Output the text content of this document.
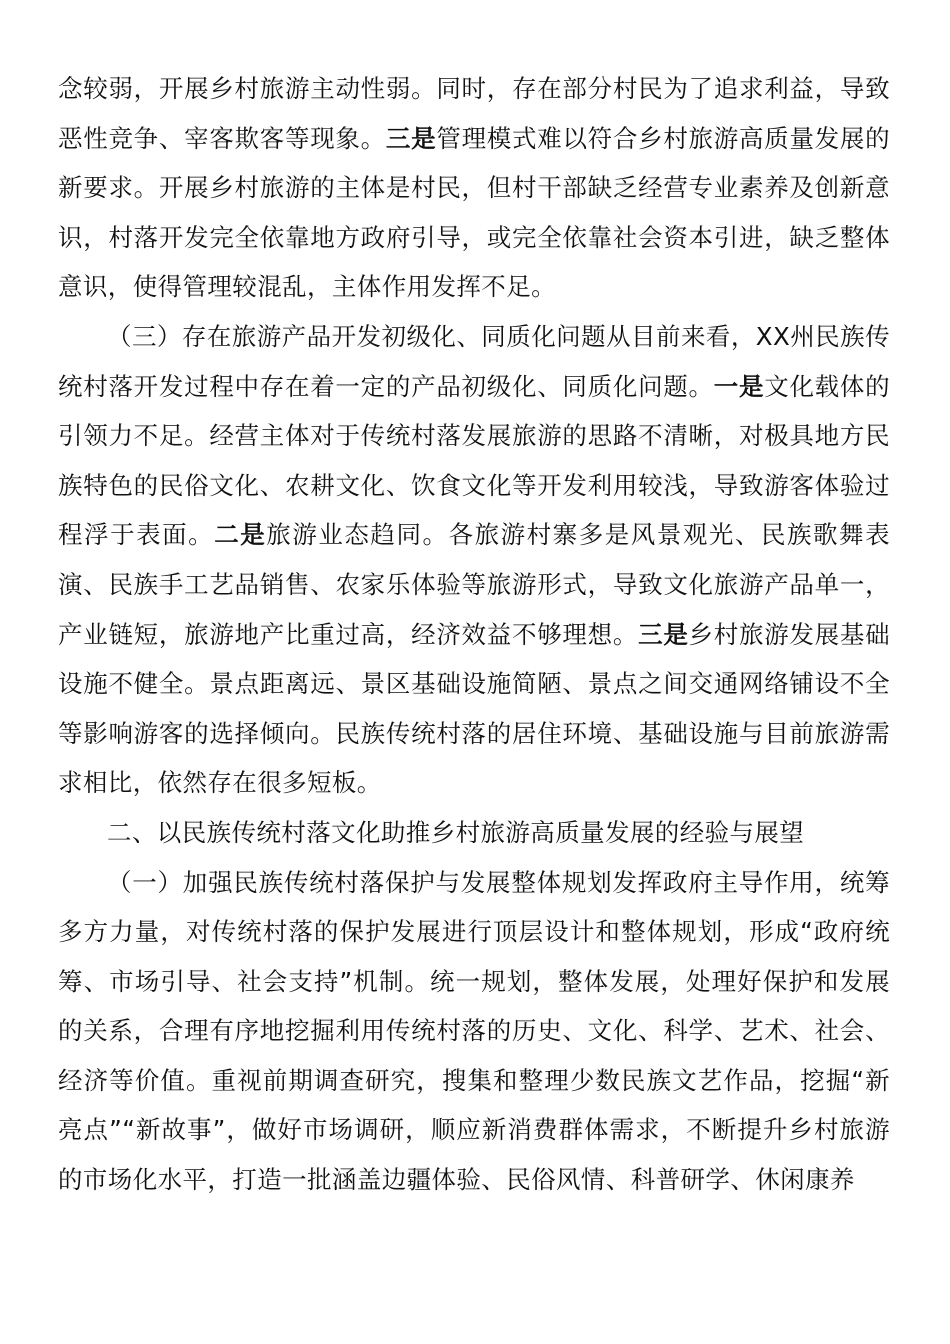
念较弱，开展乡村旅游主动性弱。同时，存在部分村民为了追求利益，导致恶性竞争、宰客欺客等现象。三是管理模式难以符合乡村旅游高质量发展的新要求。开展乡村旅游的主体是村民，但村干部缺乏经营专业素养及创新意识，村落开发完全依靠地方政府引导，或完全依靠社会资本引进，缺乏整体意识，使得管理较混乱，主体作用发挥不足。

（三）存在旅游产品开发初级化、同质化问题从目前来看，XX州民族传统村落开发过程中存在着一定的产品初级化、同质化问题。一是文化载体的引领力不足。经营主体对于传统村落发展旅游的思路不清晰，对极具地方民族特色的民俗文化、农耕文化、饮食文化等开发利用较浅，导致游客体验过程浮于表面。二是旅游业态趋同。各旅游村寨多是风景观光、民族歌舞表演、民族手工艺品销售、农家乐体验等旅游形式，导致文化旅游产品单一，产业链短，旅游地产比重过高，经济效益不够理想。三是乡村旅游发展基础设施不健全。景点距离远、景区基础设施简陋、景点之间交通网络铺设不全等影响游客的选择倾向。民族传统村落的居住环境、基础设施与目前旅游需求相比，依然存在很多短板。

二、以民族传统村落文化助推乡村旅游高质量发展的经验与展望

（一）加强民族传统村落保护与发展整体规划发挥政府主导作用，统筹多方力量，对传统村落的保护发展进行顶层设计和整体规划，形成“政府统筹、市场引导、社会支持”机制。统一规划，整体发展，处理好保护和发展的关系，合理有序地挖掘利用传统村落的历史、文化、科学、艺术、社会、经济等价值。重视前期调查研究，搜集和整理少数民族文艺作品，挖掘“新亮点”“新故事”，做好市场调研，顺应新消费群体需求，不断提升乡村旅游的市场化水平，打造一批涵盖边疆体验、民俗风情、科普研学、休闲康养
